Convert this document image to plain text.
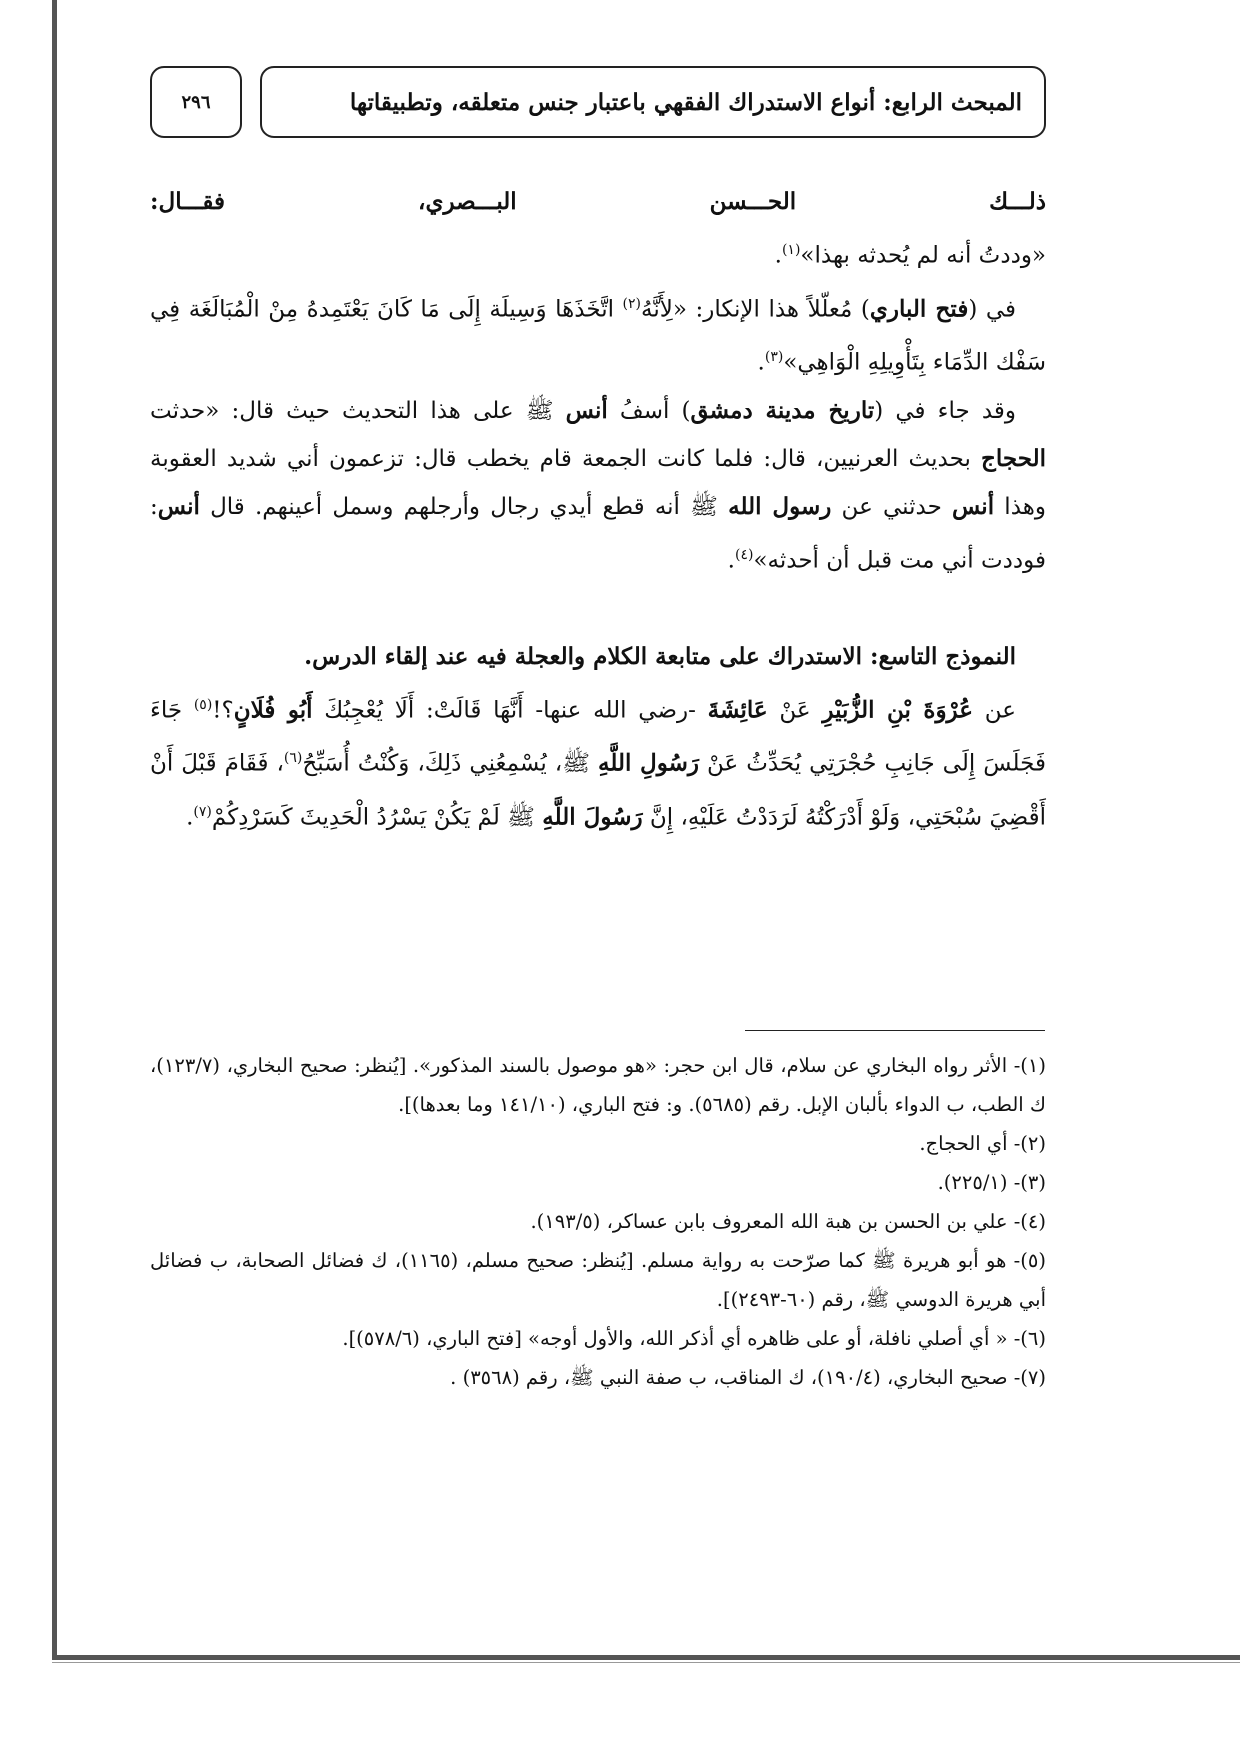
المبحث الرابع: أنواع الاستدراك الفقهي باعتبار جنس متعلقه، وتطبيقاتها
٢٩٦
ذلـــك
الحـــسن
البـــصري،
فقـــال:

«وددتُ أنه لم يُحدثه بهذا»$^{(١)}$.

في (فتح الباري) مُعلّلاً هذا الإنكار: «لِأَنَّهُ$^{(٢)}$ اتَّخَذَهَا وَسِيلَة إِلَى مَا كَانَ يَعْتَمِدهُ مِنْ الْمُبَالَغَة فِي سَفْك الدِّمَاء بِتَأْوِيلِهِ الْوَاهِي»$^{(٣)}$.

وقد جاء في (تاريخ مدينة دمشق) أسفُ أنس ﷺ على هذا التحديث حيث قال: «حدثت الحجاج بحديث العرنيين، قال: فلما كانت الجمعة قام يخطب قال: تزعمون أني شديد العقوبة وهذا أنس حدثني عن رسول الله ﷺ أنه قطع أيدي رجال وأرجلهم وسمل أعينهم. قال أنس: فوددت أني مت قبل أن أحدثه»$^{(٤)}$.

النموذج التاسع: الاستدراك على متابعة الكلام والعجلة فيه عند إلقاء الدرس.

عن عُرْوَةَ بْنِ الزُّبَيْرِ عَنْ عَائِشَةَ -رضي الله عنها- أَنَّهَا قَالَتْ: أَلَا يُعْجِبُكَ أَبُو فُلَانٍ؟!$^{(٥)}$ جَاءَ فَجَلَسَ إِلَى جَانِبِ حُجْرَتِي يُحَدِّثُ عَنْ رَسُولِ اللَّهِ ﷺ، يُسْمِعُنِي ذَلِكَ، وَكُنْتُ أُسَبِّحُ$^{(٦)}$، فَقَامَ قَبْلَ أَنْ أَقْضِيَ سُبْحَتِي، وَلَوْ أَدْرَكْتُهُ لَرَدَدْتُ عَلَيْهِ، إِنَّ رَسُولَ اللَّهِ ﷺ لَمْ يَكُنْ يَسْرُدُ الْحَدِيثَ كَسَرْدِكُمْ$^{(٧)}$.

(١)- الأثر رواه البخاري عن سلام، قال ابن حجر: «هو موصول بالسند المذكور». [يُنظر: صحيح البخاري، (١٢٣/٧)، ك الطب، ب الدواء بألبان الإبل. رقم (٥٦٨٥). و: فتح الباري، (١٤١/١٠ وما بعدها)].

(٢)- أي الحجاج.

(٣)- (٢٢٥/١).

(٤)- علي بن الحسن بن هبة الله المعروف بابن عساكر، (١٩٣/٥).

(٥)- هو أبو هريرة ﷺ كما صرّحت به رواية مسلم. [يُنظر: صحيح مسلم، (١١٦٥)، ك فضائل الصحابة، ب فضائل أبي هريرة الدوسي ﷺ، رقم (٦٠-٢٤٩٣)].

(٦)- « أي أصلي نافلة، أو على ظاهره أي أذكر الله، والأول أوجه» [فتح الباري، (٥٧٨/٦)].

(٧)- صحيح البخاري، (١٩٠/٤)، ك المناقب، ب صفة النبي ﷺ، رقم (٣٥٦٨) .
